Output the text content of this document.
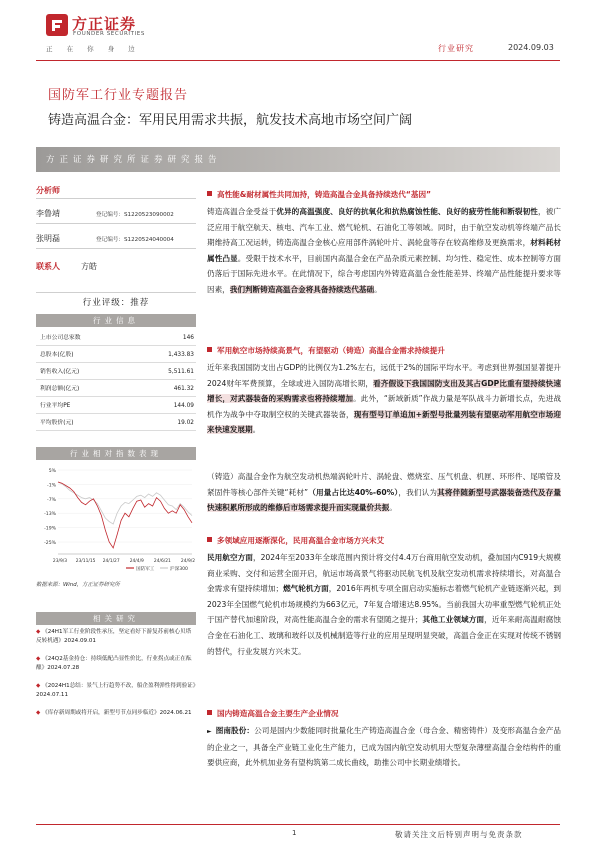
方正证券
FOUNDER SECURITIES
正 在 你 身 边	行业研究	2024.09.03
国防军工行业专题报告
铸造高温合金：军用民用需求共振，航发技术高地市场空间广阔
方正证券研究所证券研究报告
分析师
李鲁靖	登记编号：S1220523090002
张明磊	登记编号：S1220524040004
联系人	方皓
行业评级：推荐
行业信息
上市公司总家数	146
总股本(亿股)	1,433.83
销售收入(亿元)	5,511.61
利润总额(亿元)	461.32
行业平均PE	144.09
平均股价(元)	19.02
行业相对指数表现
5%
-1%
-7%
-13%
-19%
-25%
23/9/3 23/11/15 24/1/27 24/4/9 24/6/21 24/9/2
国防军工	沪深300
数据来源：Wind，方正证券研究所
相关研究
◆ 《24H1军工行业阶段性承压，坚定看好下游复苏前核心贝塔反转机遇》2024.09.01
◆ 《24Q2基金持仓：持续低配凸显性价比，行业拐点或正在酝酿》2024.07.28
◆ 《2024H1总结：景气上行趋势不改，船企盈利弹性得到验证》2024.07.11
◆ 《库存新周期或将开启，新型号节点同步临近》2024.06.21
高性能&耐材属性共同加持，铸造高温合金具备持续迭代“基因”
铸造高温合金受益于优异的高温强度、良好的抗氧化和抗热腐蚀性能、良好的疲劳性能和断裂韧性，被广泛应用于航空航天、核电、汽车工业、燃气轮机、石油化工等领域。同时，由于航空发动机等终端产品长期维持高工况运转，铸造高温合金核心应用部件涡轮叶片、涡轮盘等存在较高维修及更换需求，材料耗材属性凸显。受限于技术水平，目前国内高温合金在产品杂质元素控制、均匀性、稳定性、成本控制等方面仍落后于国际先进水平。在此情况下，综合考虑国内外铸造高温合金性能差异、终端产品性能提升要求等因素，我们判断铸造高温合金将具备持续迭代基础。
军用航空市场持续高景气，有望驱动（铸造）高温合金需求持续提升
近年来我国国防支出占GDP的比例仅为1.2%左右，远低于2%的国际平均水平。考虑到世界强国显著提升2024财年军费预算，全球或进入国防高增长期，看齐假设下我国国防支出及其占GDP比重有望持续快速增长，对武器装备的采购需求也将持续增加。此外，“新域新质”作战力量是军队战斗力新增长点，先进战机作为战争中夺取制空权的关键武器装备，现有型号订单追加+新型号批量列装有望驱动军用航空市场迎来快速发展期。
（铸造）高温合金作为航空发动机热端涡轮叶片、涡轮盘、燃烧室、压气机盘、机匣、环形件、尾喷管及紧固件等核心部件关键“耗材”（用量占比达40%-60%），我们认为其将伴随新型号武器装备迭代及存量快速积累所形成的维修后市场需求提升而实现量价共振。
多领域应用逐渐深化，民用高温合金市场方兴未艾
民用航空方面，2024年至2033年全球范围内预计将交付4.4万台商用航空发动机，叠加国内C919大规模商业采购、交付和运营全面开启，航运市场高景气将驱动民航飞机及航空发动机需求持续增长，对高温合金需求有望持续增加；燃气轮机方面，2016年两机专项全面启动实施标志着燃气轮机产业链逐渐兴起，到2023年全国燃气轮机市场规模约为663亿元，7年复合增速达8.95%。当前我国大功率重型燃气轮机正处于国产替代加速阶段，对高性能高温合金的需求有望随之提升；其他工业领域方面，近年来耐高温耐腐蚀合金在石油化工、玻璃和玻纤以及机械制造等行业的应用呈现明显突破，高温合金正在实现对传统不锈钢的替代，行业发展方兴未艾。
国内铸造高温合金主要生产企业情况
► 图南股份：公司是国内少数能同时批量化生产铸造高温合金（母合金、精密铸件）及变形高温合金产品的企业之一，具备全产业链工业化生产能力，已成为国内航空发动机用大型复杂薄壁高温合金结构件的重要供应商，此外机加业务有望构筑第二成长曲线，助推公司中长期业绩增长。
1	敬请关注文后特别声明与免责条款
